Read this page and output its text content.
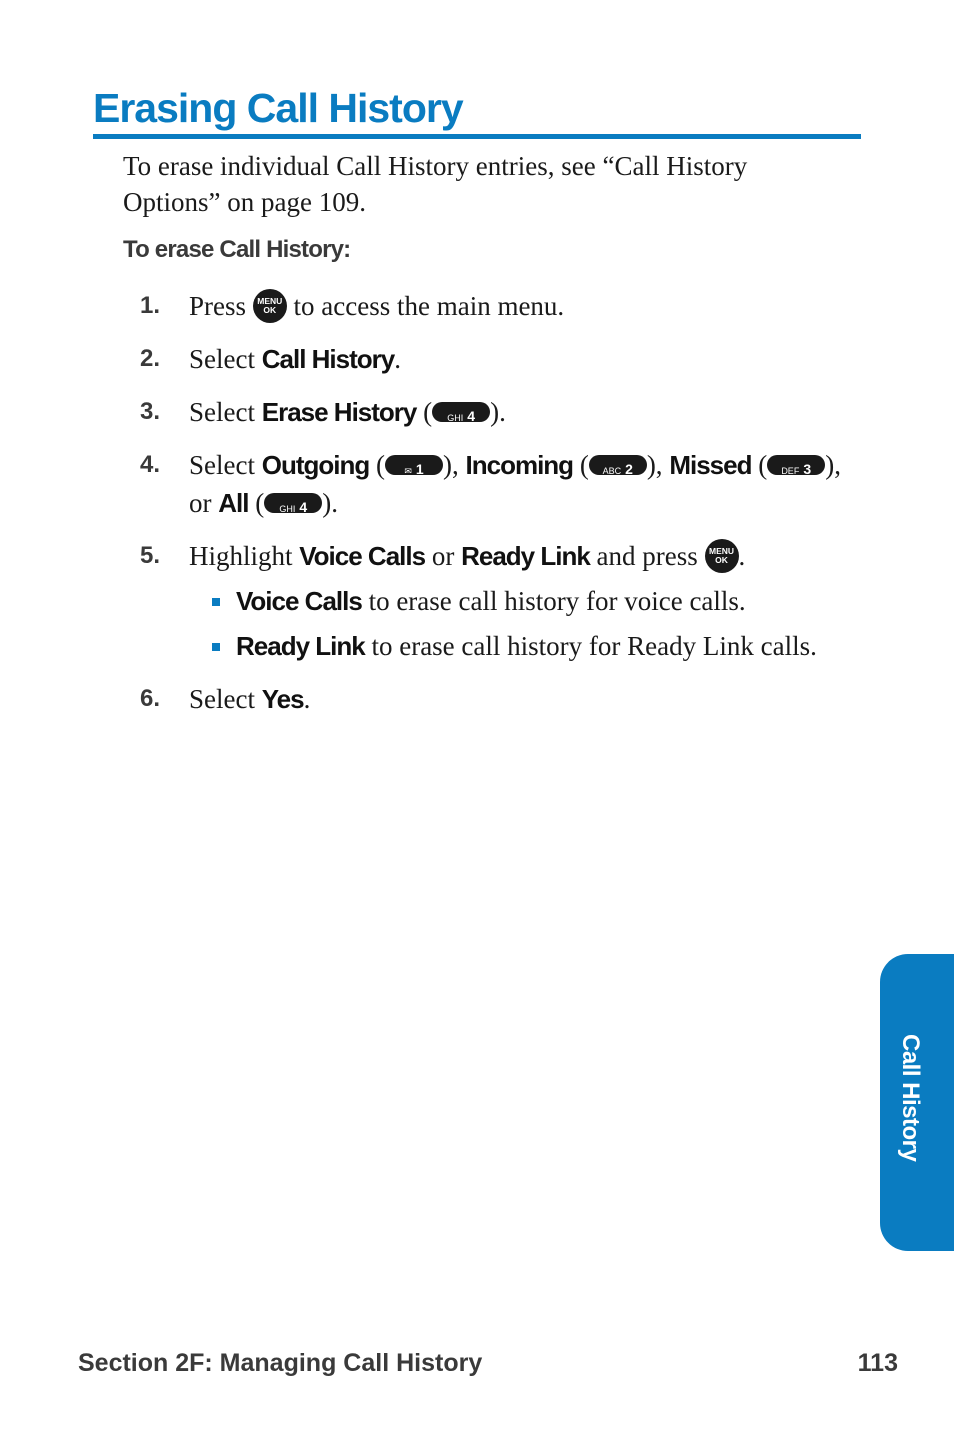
Erasing Call History
To erase individual Call History entries, see “Call History Options” on page 109.
To erase Call History:
1.	Press	MENU
OK to access the main menu.
2.	Select Call History.
3.	Select Erase History ( GHI 4 ).
4.	Select Outgoing ( ✉ 1 ), Incoming ( ABC 2 ), Missed ( DEF 3 ),
or All ( GHI 4 ).
5.	Highlight Voice Calls or Ready Link and press	MENU
OK .
Voice Calls to erase call history for voice calls.
Ready Link to erase call history for Ready Link calls.
6.	Select Yes.
Call History
Section 2F: Managing Call History	113
